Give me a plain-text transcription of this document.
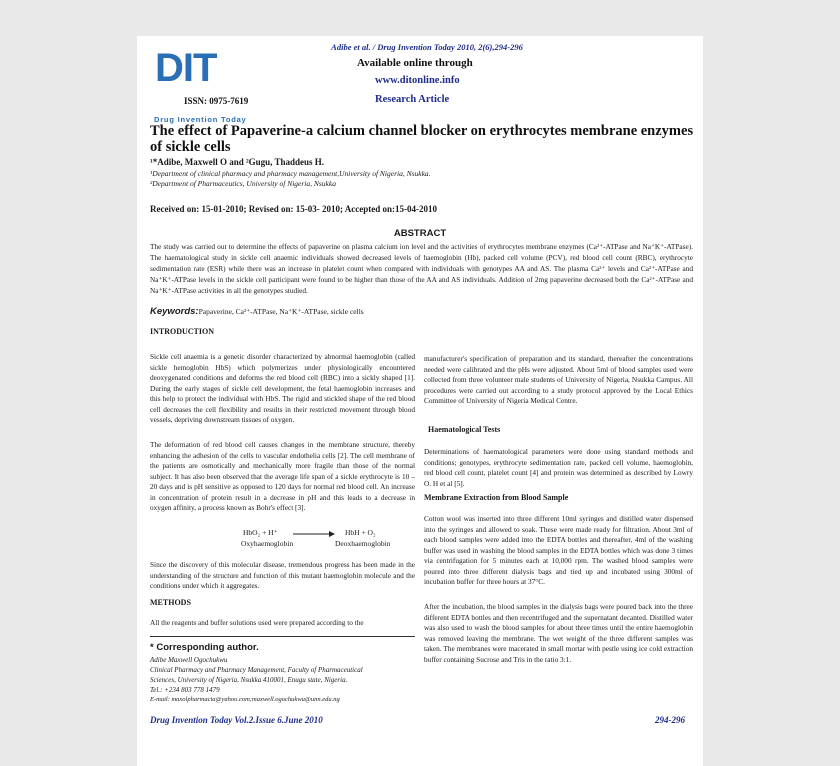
Adibe et al. / Drug Invention Today 2010, 2(6),294-296
DIT
ISSN: 0975-7619
Drug Invention Today
Available online through
www.ditonline.info
Research Article
The effect of Papaverine-a calcium channel blocker on erythrocytes membrane enzymes of sickle cells
¹*Adibe, Maxwell O and ²Gugu, Thaddeus H.
¹Department of clinical pharmacy and pharmacy management,University of Nigeria, Nsukka.
²Department of Pharmaceutics, University of Nigeria, Nsukka
Received on: 15-01-2010; Revised on: 15-03- 2010; Accepted on:15-04-2010
ABSTRACT
The study was carried out to determine the effects of papaverine on plasma calcium ion level and the activities of erythrocytes membrane enzymes (Ca²⁺-ATPase and Na⁺K⁺-ATPase). The haematological study in sickle cell anaemic individuals showed decreased levels of haemoglobin (Hb), packed cell volume (PCV), red blood cell count (RBC), erythrocyte sedimentation rate (ESR) while there was an increase in platelet count when compared with individuals with genotypes AA and AS. The plasma Ca²⁺ levels and Ca²⁺-ATPase and Na⁺K⁺-ATPase levels in the sickle cell participant were found to be higher than those of the AA and AS individuals. Addition of 2mg papaverine decreased both the Ca²⁺-ATPase and Na⁺K⁺-ATPase activities in all the genotypes studied.
Keywords:Papaverine, Ca²⁺-ATPase, Na⁺K⁺-ATPase, sickle cells
INTRODUCTION
Sickle cell anaemia is a genetic disorder characterized by abnormal haemoglobin (called sickle hemoglobin HbS) which polymerizes under physiologically encountered deoxygenated conditions and deforms the red blood cell (RBC) into a sickly shaped [1]. During the early stages of sickle cell development, the fetal haemoglobin increases and this help to protect the individual with HbS. The rigid and stickled shape of the red blood cell decreases the cell flexibility and results in their restricted movement through blood vessels, depriving downstream tissues of oxygen.
The deformation of red blood cell causes changes in the membrane structure, thereby enhancing the adhesion of the cells to vascular endothelia cells [2]. The cell membrane of the patients are osmotically and mechanically more fragile than those of the normal subject. It has also been observed that the average life span of a sickle erythrocyte is 10 – 20 days and is pH sensitive as opposed to 120 days for normal red blood cell. An increase in concentration of protein result in a decrease in pH and this leads to a decrease in oxygen affinity, a process known as Bohr's effect [3].
HbO₂ + H⁺	HbH + O₂
Oxyhaemoglobin	Deoxhaemoglobin
Since the discovery of this molecular disease, tremendous progress has been made in the understanding of the structure and function of this mutant haemoglobin molecule and the conditions under which it aggregates.
METHODS
All the reagents and buffer solutions used were prepared according to the
* Corresponding author.
Adibe Maxwell Ogochukwu
Clinical Pharmacy and Pharmacy Management, Faculty of Pharmaceutical
Sciences, University of Nigeria, Nsukka 410001, Enugu state, Nigeria.
Tel.: +234 803 778 1479
E-mail: maxolpharmacia@yahoo.com;maxwell.ogochukwu@unn.edu.ng
manufacturer's specification of preparation and its standard, thereafter the concentrations needed were calibrated and the pHs were adjusted. About 5ml of blood samples used were collected from three volunteer male students of University of Nigeria, Nsukka Campus. All procedures were carried out according to a study protocol approved by the Local Ethics Committee of University of Nigeria Medical Centre.
Haematological Tests
Determinations of haematological parameters were done using standard methods and conditions; genotypes, erythrocyte sedimentation rate, packed cell volume, haemoglobin, red blood cell count, platelet count [4] and protein was determined as described by Lowry O. H et al [5].
Membrane Extraction from Blood Sample
Cotton wool was inserted into three different 10ml syringes and distilled water dispensed into the syringes and allowed to soak. These were made ready for filtration. About 3ml of each blood samples were added into the EDTA bottles and thereafter, 4ml of the washing buffer was used in washing the blood samples in the EDTA bottles which was done 3 times via centrifugation for 5 minutes each at 10,000 rpm. The washed blood samples were poured into three different dialysis bags and tied up and incubated using 300ml of incubation buffer for three hours at 37°C.
After the incubation, the blood samples in the dialysis bags were poured back into the three different EDTA bottles and then recentrifuged and the supernatant decanted. Distilled water was also used to wash the blood samples for about three times until the entire haemoglobin was removed leaving the membrane. The wet weight of the three different samples was taken. The membranes were macerated in small mortar with pestle using ice cold extraction buffer containing Sucrose and Tris in the ratio 3:1.
Drug Invention Today Vol.2.Issue 6.June 2010	294-296
